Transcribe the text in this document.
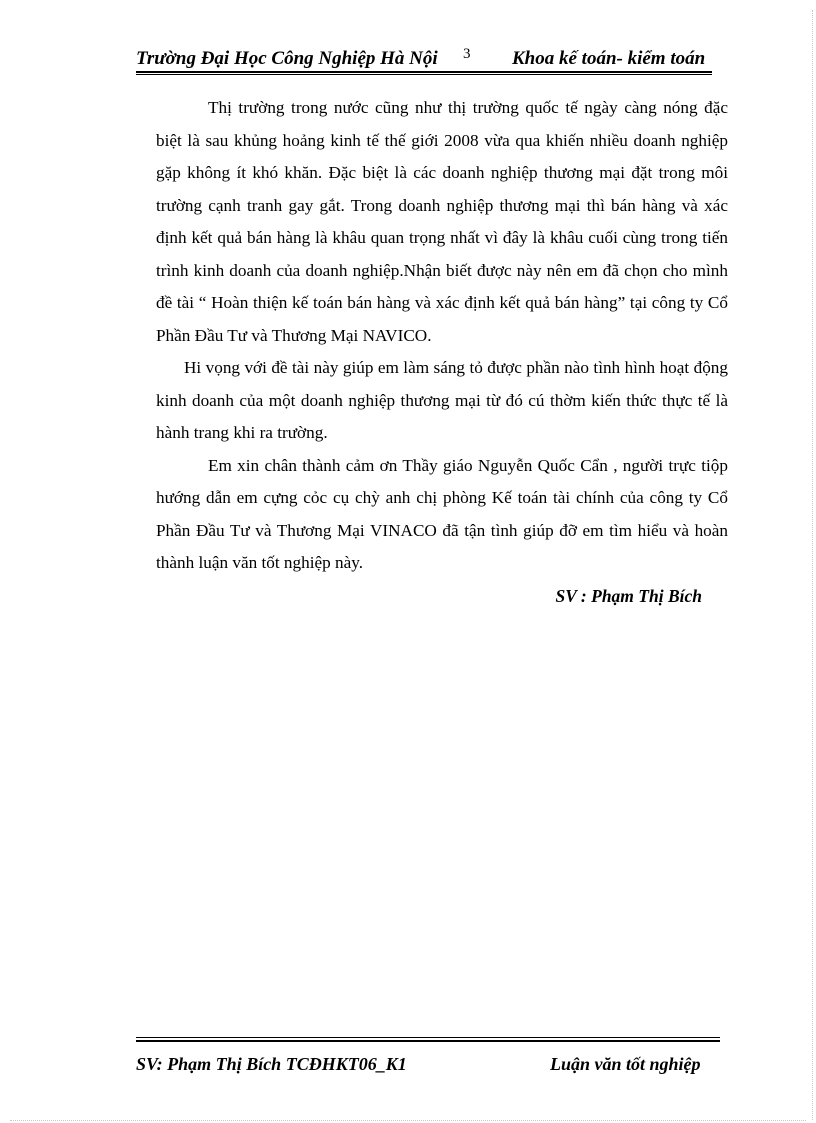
Trường Đại Học Công Nghiệp Hà Nội 3 Khoa kế toán- kiểm toán

Thị trường trong nước cũng như thị trường quốc tế ngày càng nóng đặc biệt là sau khủng hoảng kinh tế thế giới 2008 vừa qua khiến nhiều doanh nghiệp gặp không ít khó khăn. Đặc biệt là các doanh nghiệp thương mại đặt trong môi trường cạnh tranh gay gắt. Trong doanh nghiệp thương mại thì bán hàng và xác định kết quả bán hàng là khâu quan trọng nhất vì đây là khâu cuối cùng trong tiến trình kinh doanh của doanh nghiệp.Nhận biết được này nên em đã chọn cho mình đề tài “ Hoàn thiện kế toán bán hàng và xác định kết quả bán hàng” tại công ty Cổ Phần Đầu Tư và Thương Mại NAVICO.

Hi vọng với đề tài này giúp em làm sáng tỏ được phần nào tình hình hoạt động kinh doanh của một doanh nghiệp thương mại từ đó cú thờm kiến thức thực tế là hành trang khi ra trường.

Em xin chân thành cảm ơn Thầy giáo Nguyễn Quốc Cẩn , người trực tiộp hướng dẫn em cựng cỏc cụ chỳ anh chị phòng Kế toán tài chính của công ty Cổ Phần Đầu Tư và Thương Mại VINACO đã tận tình giúp đỡ em tìm hiểu và hoàn thành luận văn tốt nghiệp này.

SV : Phạm Thị Bích

SV: Phạm Thị Bích TCĐHKT06_K1	Luận văn tốt nghiệp
